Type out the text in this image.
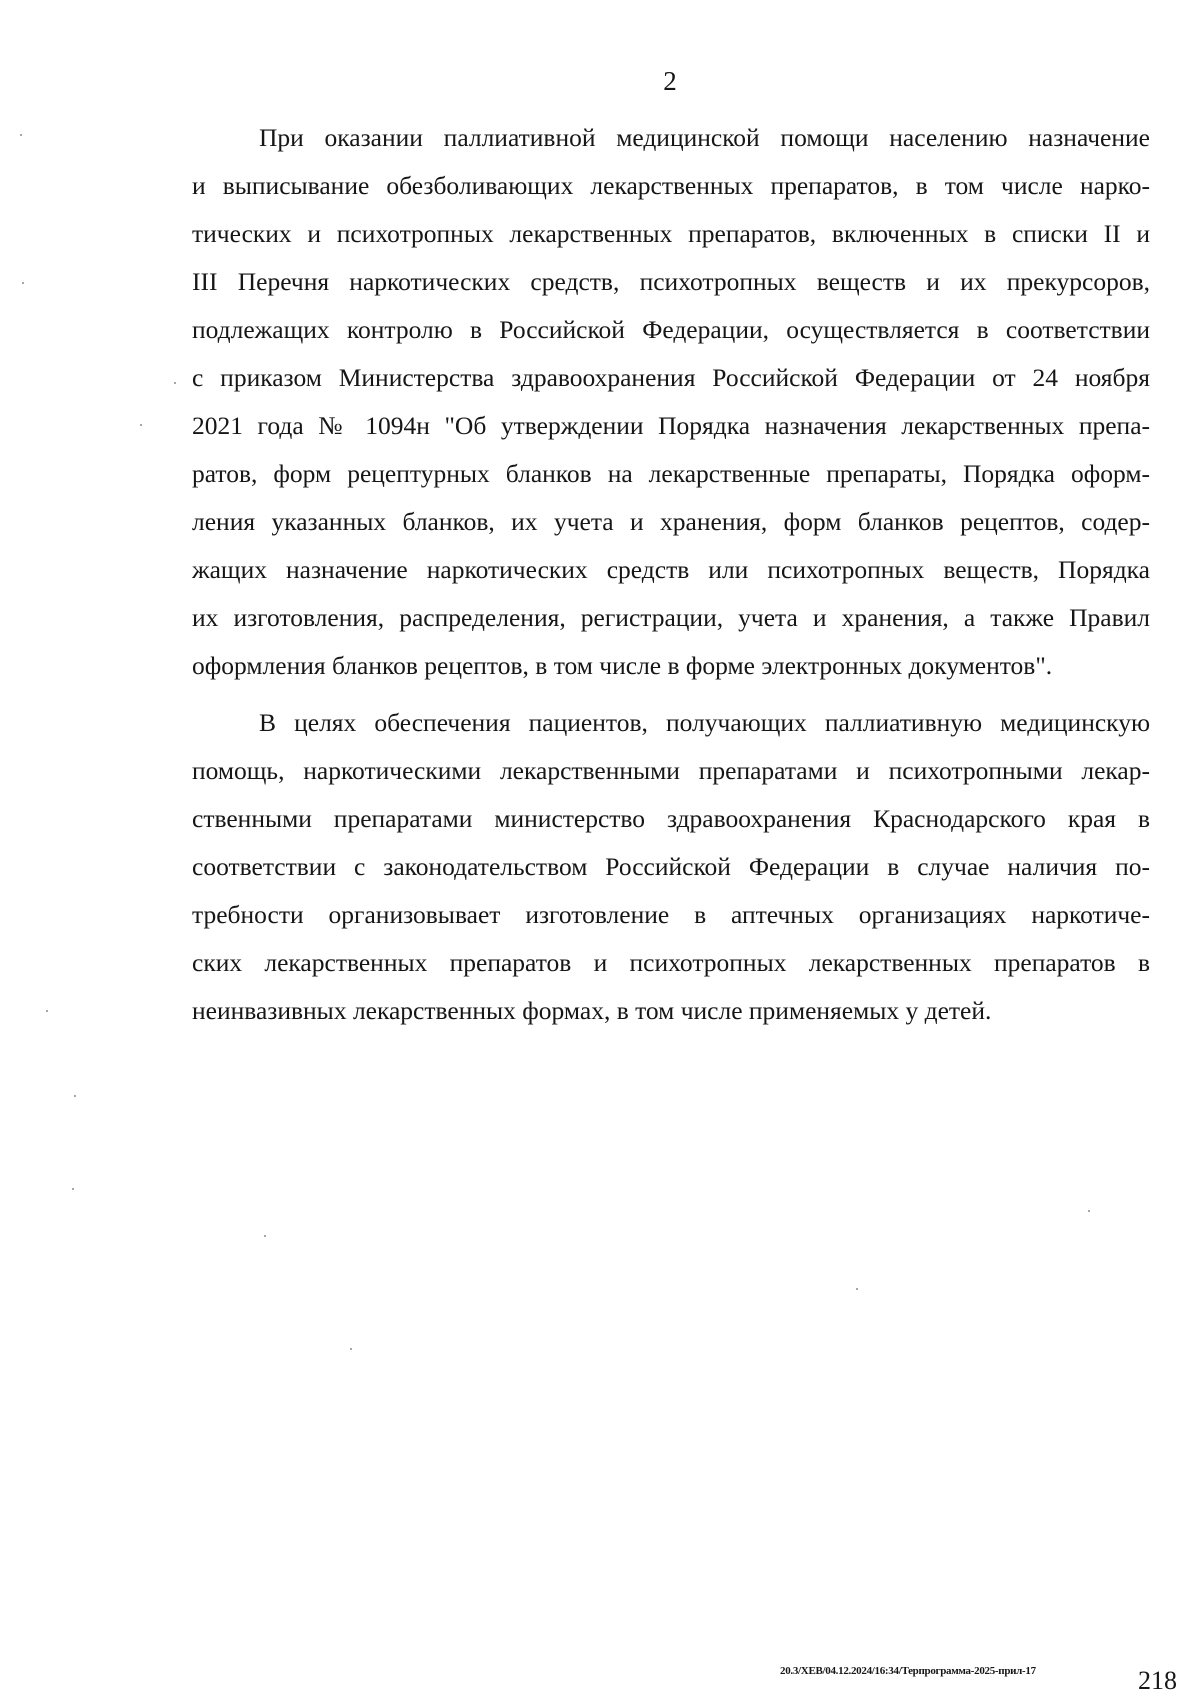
2

При оказании паллиативной медицинской помощи населению назначение
и выписывание обезболивающих лекарственных препаратов, в том числе нарко-
тических и психотропных лекарственных препаратов, включенных в списки II и
III Перечня наркотических средств, психотропных веществ и их прекурсоров,
подлежащих контролю в Российской Федерации, осуществляется в соответствии
с приказом Министерства здравоохранения Российской Федерации от 24 ноября
2021 года № 1094н "Об утверждении Порядка назначения лекарственных препа-
ратов, форм рецептурных бланков на лекарственные препараты, Порядка оформ-
ления указанных бланков, их учета и хранения, форм бланков рецептов, содер-
жащих назначение наркотических средств или психотропных веществ, Порядка
их изготовления, распределения, регистрации, учета и хранения, а также Правил
оформления бланков рецептов, в том числе в форме электронных документов".

В целях обеспечения пациентов, получающих паллиативную медицинскую
помощь, наркотическими лекарственными препаратами и психотропными лекар-
ственными препаратами министерство здравоохранения Краснодарского края в
соответствии с законодательством Российской Федерации в случае наличия по-
требности организовывает изготовление в аптечных организациях наркотиче-
ских лекарственных препаратов и психотропных лекарственных препаратов в
неинвазивных лекарственных формах, в том числе применяемых у детей.

20.3/ХЕВ/04.12.2024/16:34/Терпрограмма-2025-прил-17	218
